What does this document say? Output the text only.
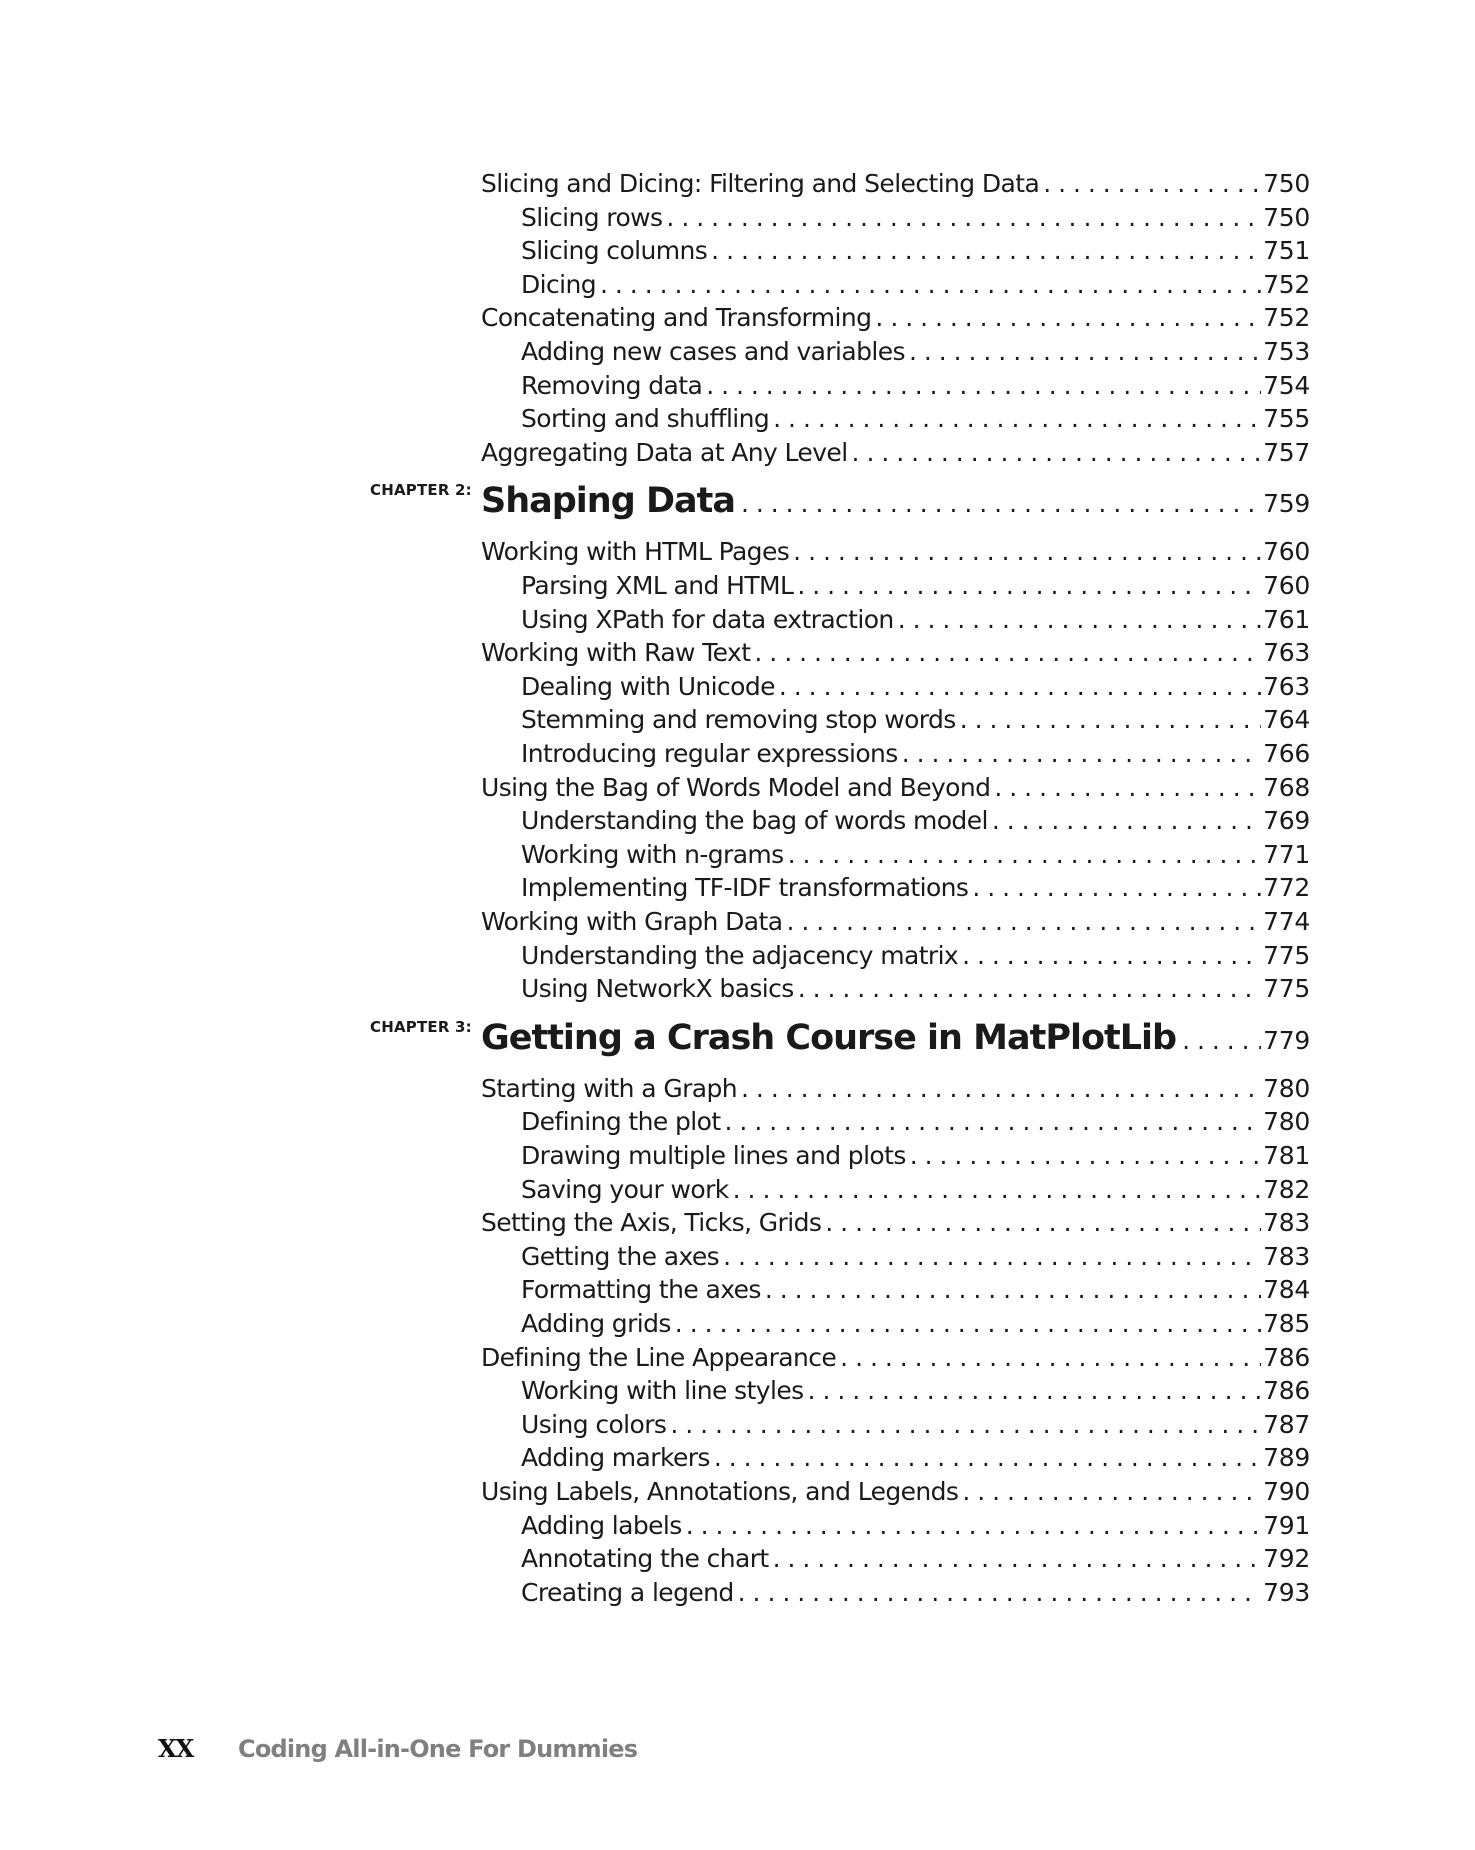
Slicing and Dicing: Filtering and Selecting Data . . .	750
Slicing rows . . .	750
Slicing columns . . .	751
Dicing . . .	752
Concatenating and Transforming . . .	752
Adding new cases and variables . . .	753
Removing data . . .	754
Sorting and shuffling . . .	755
Aggregating Data at Any Level . . .	757
CHAPTER 2: Shaping Data . . .	759
Working with HTML Pages . . .	760
Parsing XML and HTML . . .	760
Using XPath for data extraction . . .	761
Working with Raw Text . . .	763
Dealing with Unicode . . .	763
Stemming and removing stop words . . .	764
Introducing regular expressions . . .	766
Using the Bag of Words Model and Beyond . . .	768
Understanding the bag of words model . . .	769
Working with n-grams . . .	771
Implementing TF-IDF transformations . . .	772
Working with Graph Data . . .	774
Understanding the adjacency matrix . . .	775
Using NetworkX basics . . .	775
CHAPTER 3: Getting a Crash Course in MatPlotLib . . .	779
Starting with a Graph . . .	780
Defining the plot . . .	780
Drawing multiple lines and plots . . .	781
Saving your work . . .	782
Setting the Axis, Ticks, Grids . . .	783
Getting the axes . . .	783
Formatting the axes . . .	784
Adding grids . . .	785
Defining the Line Appearance . . .	786
Working with line styles . . .	786
Using colors . . .	787
Adding markers . . .	789
Using Labels, Annotations, and Legends . . .	790
Adding labels . . .	791
Annotating the chart . . .	792
Creating a legend . . .	793
XX	Coding All-in-One For Dummies
